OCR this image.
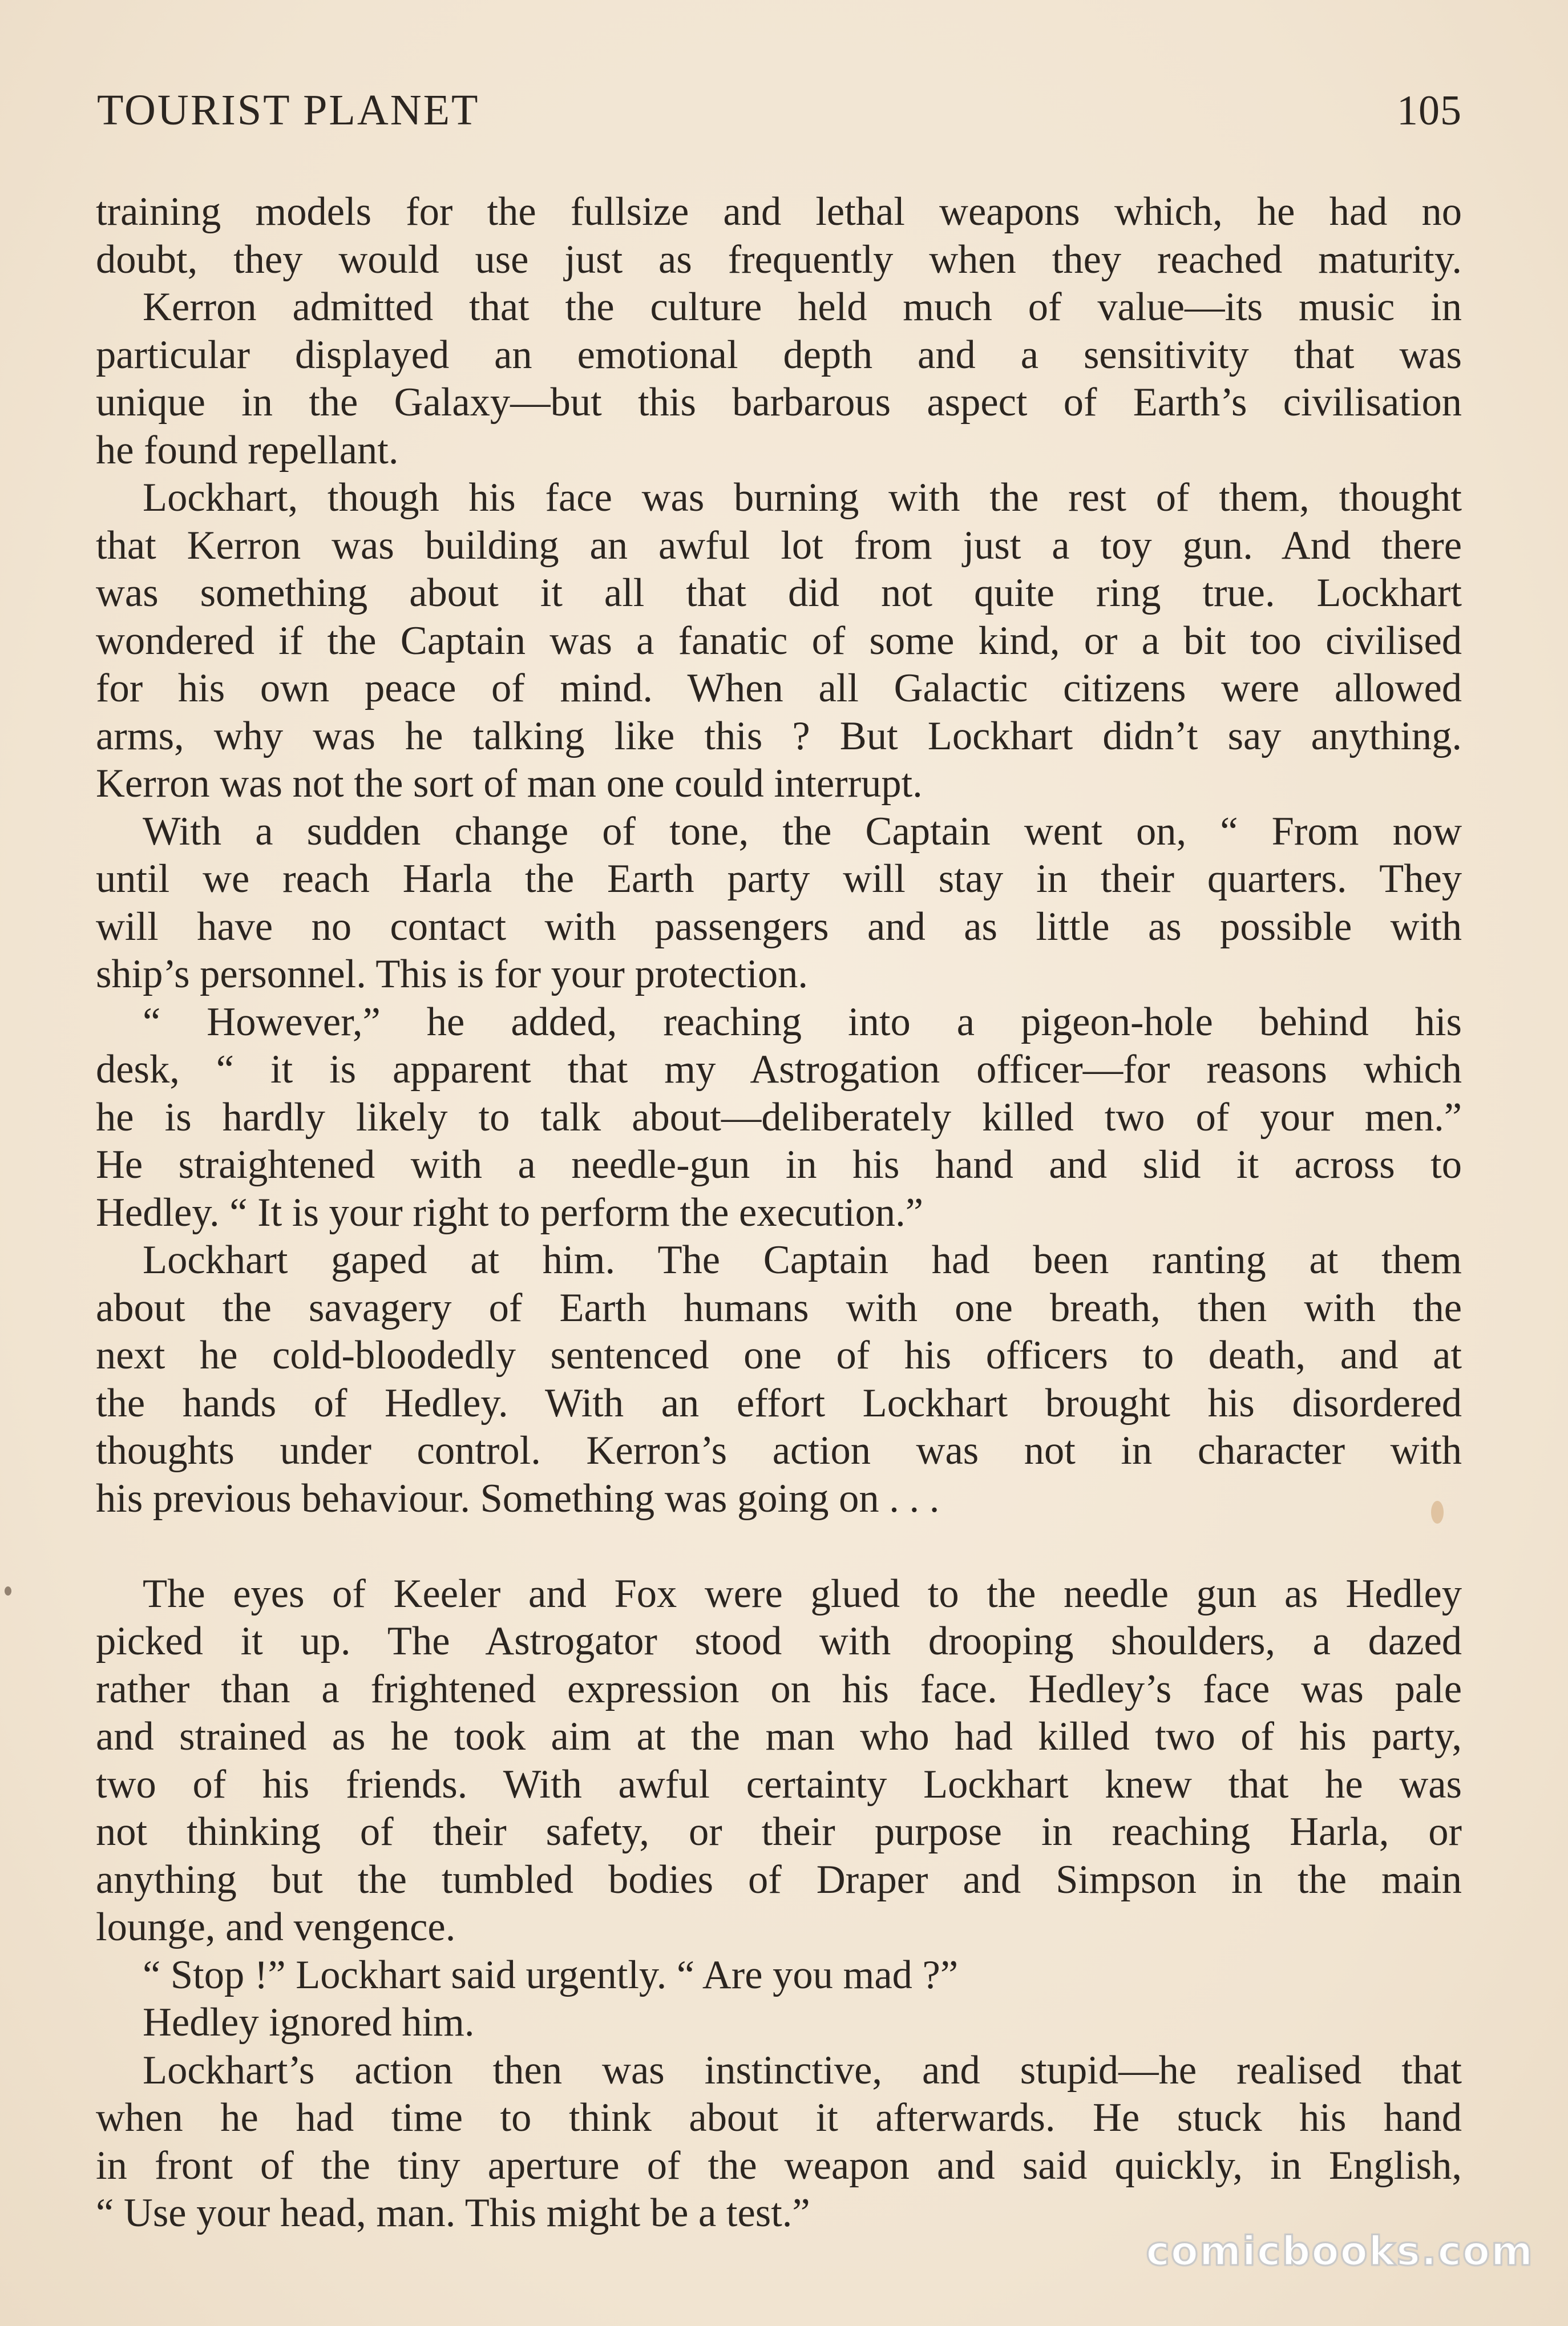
TOURIST PLANET	105
training models for the fullsize and lethal weapons which, he had no
doubt, they would use just as frequently when they reached maturity.
Kerron admitted that the culture held much of value—its music in
particular displayed an emotional depth and a sensitivity that was
unique in the Galaxy—but this barbarous aspect of Earth’s civilisation
he found repellant.
Lockhart, though his face was burning with the rest of them, thought
that Kerron was building an awful lot from just a toy gun. And there
was something about it all that did not quite ring true. Lockhart
wondered if the Captain was a fanatic of some kind, or a bit too civilised
for his own peace of mind. When all Galactic citizens were allowed
arms, why was he talking like this ? But Lockhart didn’t say anything.
Kerron was not the sort of man one could interrupt.
With a sudden change of tone, the Captain went on, “ From now
until we reach Harla the Earth party will stay in their quarters. They
will have no contact with passengers and as little as possible with
ship’s personnel. This is for your protection.
“ However,” he added, reaching into a pigeon-hole behind his
desk, “ it is apparent that my Astrogation officer—for reasons which
he is hardly likely to talk about—deliberately killed two of your men.”
He straightened with a needle-gun in his hand and slid it across to
Hedley. “ It is your right to perform the execution.”
Lockhart gaped at him. The Captain had been ranting at them
about the savagery of Earth humans with one breath, then with the
next he cold-bloodedly sentenced one of his officers to death, and at
the hands of Hedley. With an effort Lockhart brought his disordered
thoughts under control. Kerron’s action was not in character with
his previous behaviour. Something was going on . . .
The eyes of Keeler and Fox were glued to the needle gun as Hedley
picked it up. The Astrogator stood with drooping shoulders, a dazed
rather than a frightened expression on his face. Hedley’s face was pale
and strained as he took aim at the man who had killed two of his party,
two of his friends. With awful certainty Lockhart knew that he was
not thinking of their safety, or their purpose in reaching Harla, or
anything but the tumbled bodies of Draper and Simpson in the main
lounge, and vengence.
“ Stop !” Lockhart said urgently. “ Are you mad ?”
Hedley ignored him.
Lockhart’s action then was instinctive, and stupid—he realised that
when he had time to think about it afterwards. He stuck his hand
in front of the tiny aperture of the weapon and said quickly, in English,
“ Use your head, man. This might be a test.”
comicbooks.com
